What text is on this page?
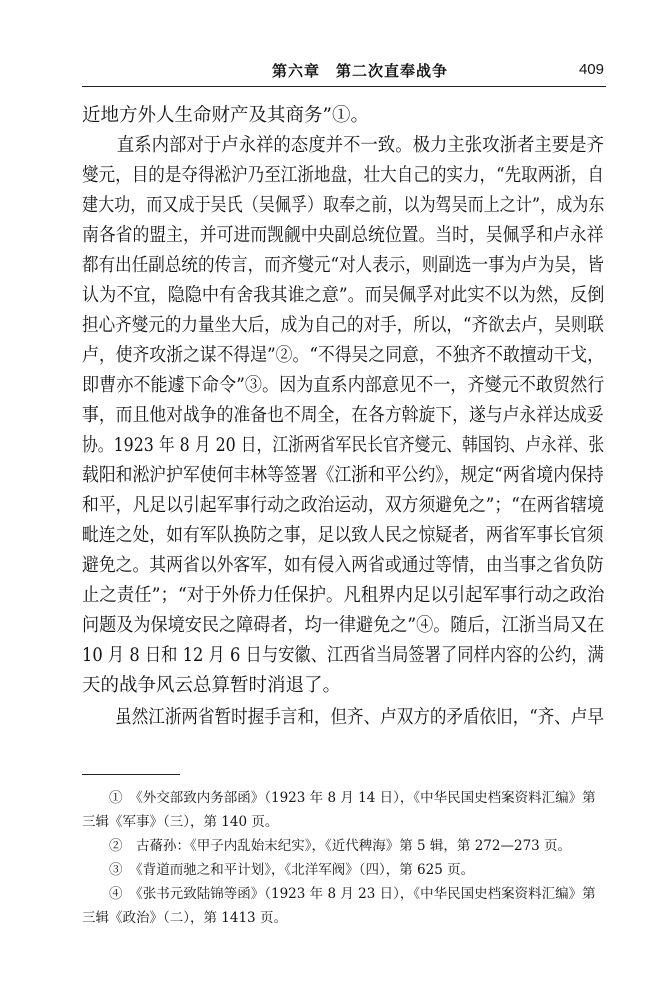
第六章　第二次直奉战争	409
近地方外人生命财产及其商务”①。
　　直系内部对于卢永祥的态度并不一致。极力主张攻浙者主要是齐
燮元，目的是夺得淞沪乃至江浙地盘，壮大自己的实力，“先取两浙，自
建大功，而又成于吴氏（吴佩孚）取奉之前，以为驾吴而上之计”，成为东
南各省的盟主，并可进而觊觎中央副总统位置。当时，吴佩孚和卢永祥
都有出任副总统的传言，而齐燮元“对人表示，则副选一事为卢为吴，皆
认为不宜，隐隐中有舍我其谁之意”。而吴佩孚对此实不以为然，反倒
担心齐燮元的力量坐大后，成为自己的对手，所以，“齐欲去卢，吴则联
卢，使齐攻浙之谋不得逞”②。“不得吴之同意，不独齐不敢擅动干戈，
即曹亦不能遽下命令”③。因为直系内部意见不一，齐燮元不敢贸然行
事，而且他对战争的准备也不周全，在各方斡旋下，遂与卢永祥达成妥
协。1923 年 8 月 20 日，江浙两省军民长官齐燮元、韩国钧、卢永祥、张
载阳和淞沪护军使何丰林等签署《江浙和平公约》，规定“两省境内保持
和平，凡足以引起军事行动之政治运动，双方须避免之”；“在两省辖境
毗连之处，如有军队换防之事，足以致人民之惊疑者，两省军事长官须
避免之。其两省以外客军，如有侵入两省或通过等情，由当事之省负防
止之责任”；“对于外侨力任保护。凡租界内足以引起军事行动之政治
问题及为保境安民之障碍者，均一律避免之”④。随后，江浙当局又在
10 月 8 日和 12 月 6 日与安徽、江西省当局签署了同样内容的公约，满
天的战争风云总算暂时消退了。
　　虽然江浙两省暂时握手言和，但齐、卢双方的矛盾依旧，“齐、卢早
　　①　《外交部致内务部函》（1923 年 8 月 14 日），《中华民国史档案资料汇编》第
三辑《军事》（三），第 140 页。
　　②　古蓨孙：《甲子内乱始末纪实》，《近代稗海》第 5 辑，第 272—273 页。
　　③　《背道而驰之和平计划》，《北洋军阀》（四），第 625 页。
　　④　《张书元致陆锦等函》（1923 年 8 月 23 日），《中华民国史档案资料汇编》第
三辑《政治》（二），第 1413 页。
